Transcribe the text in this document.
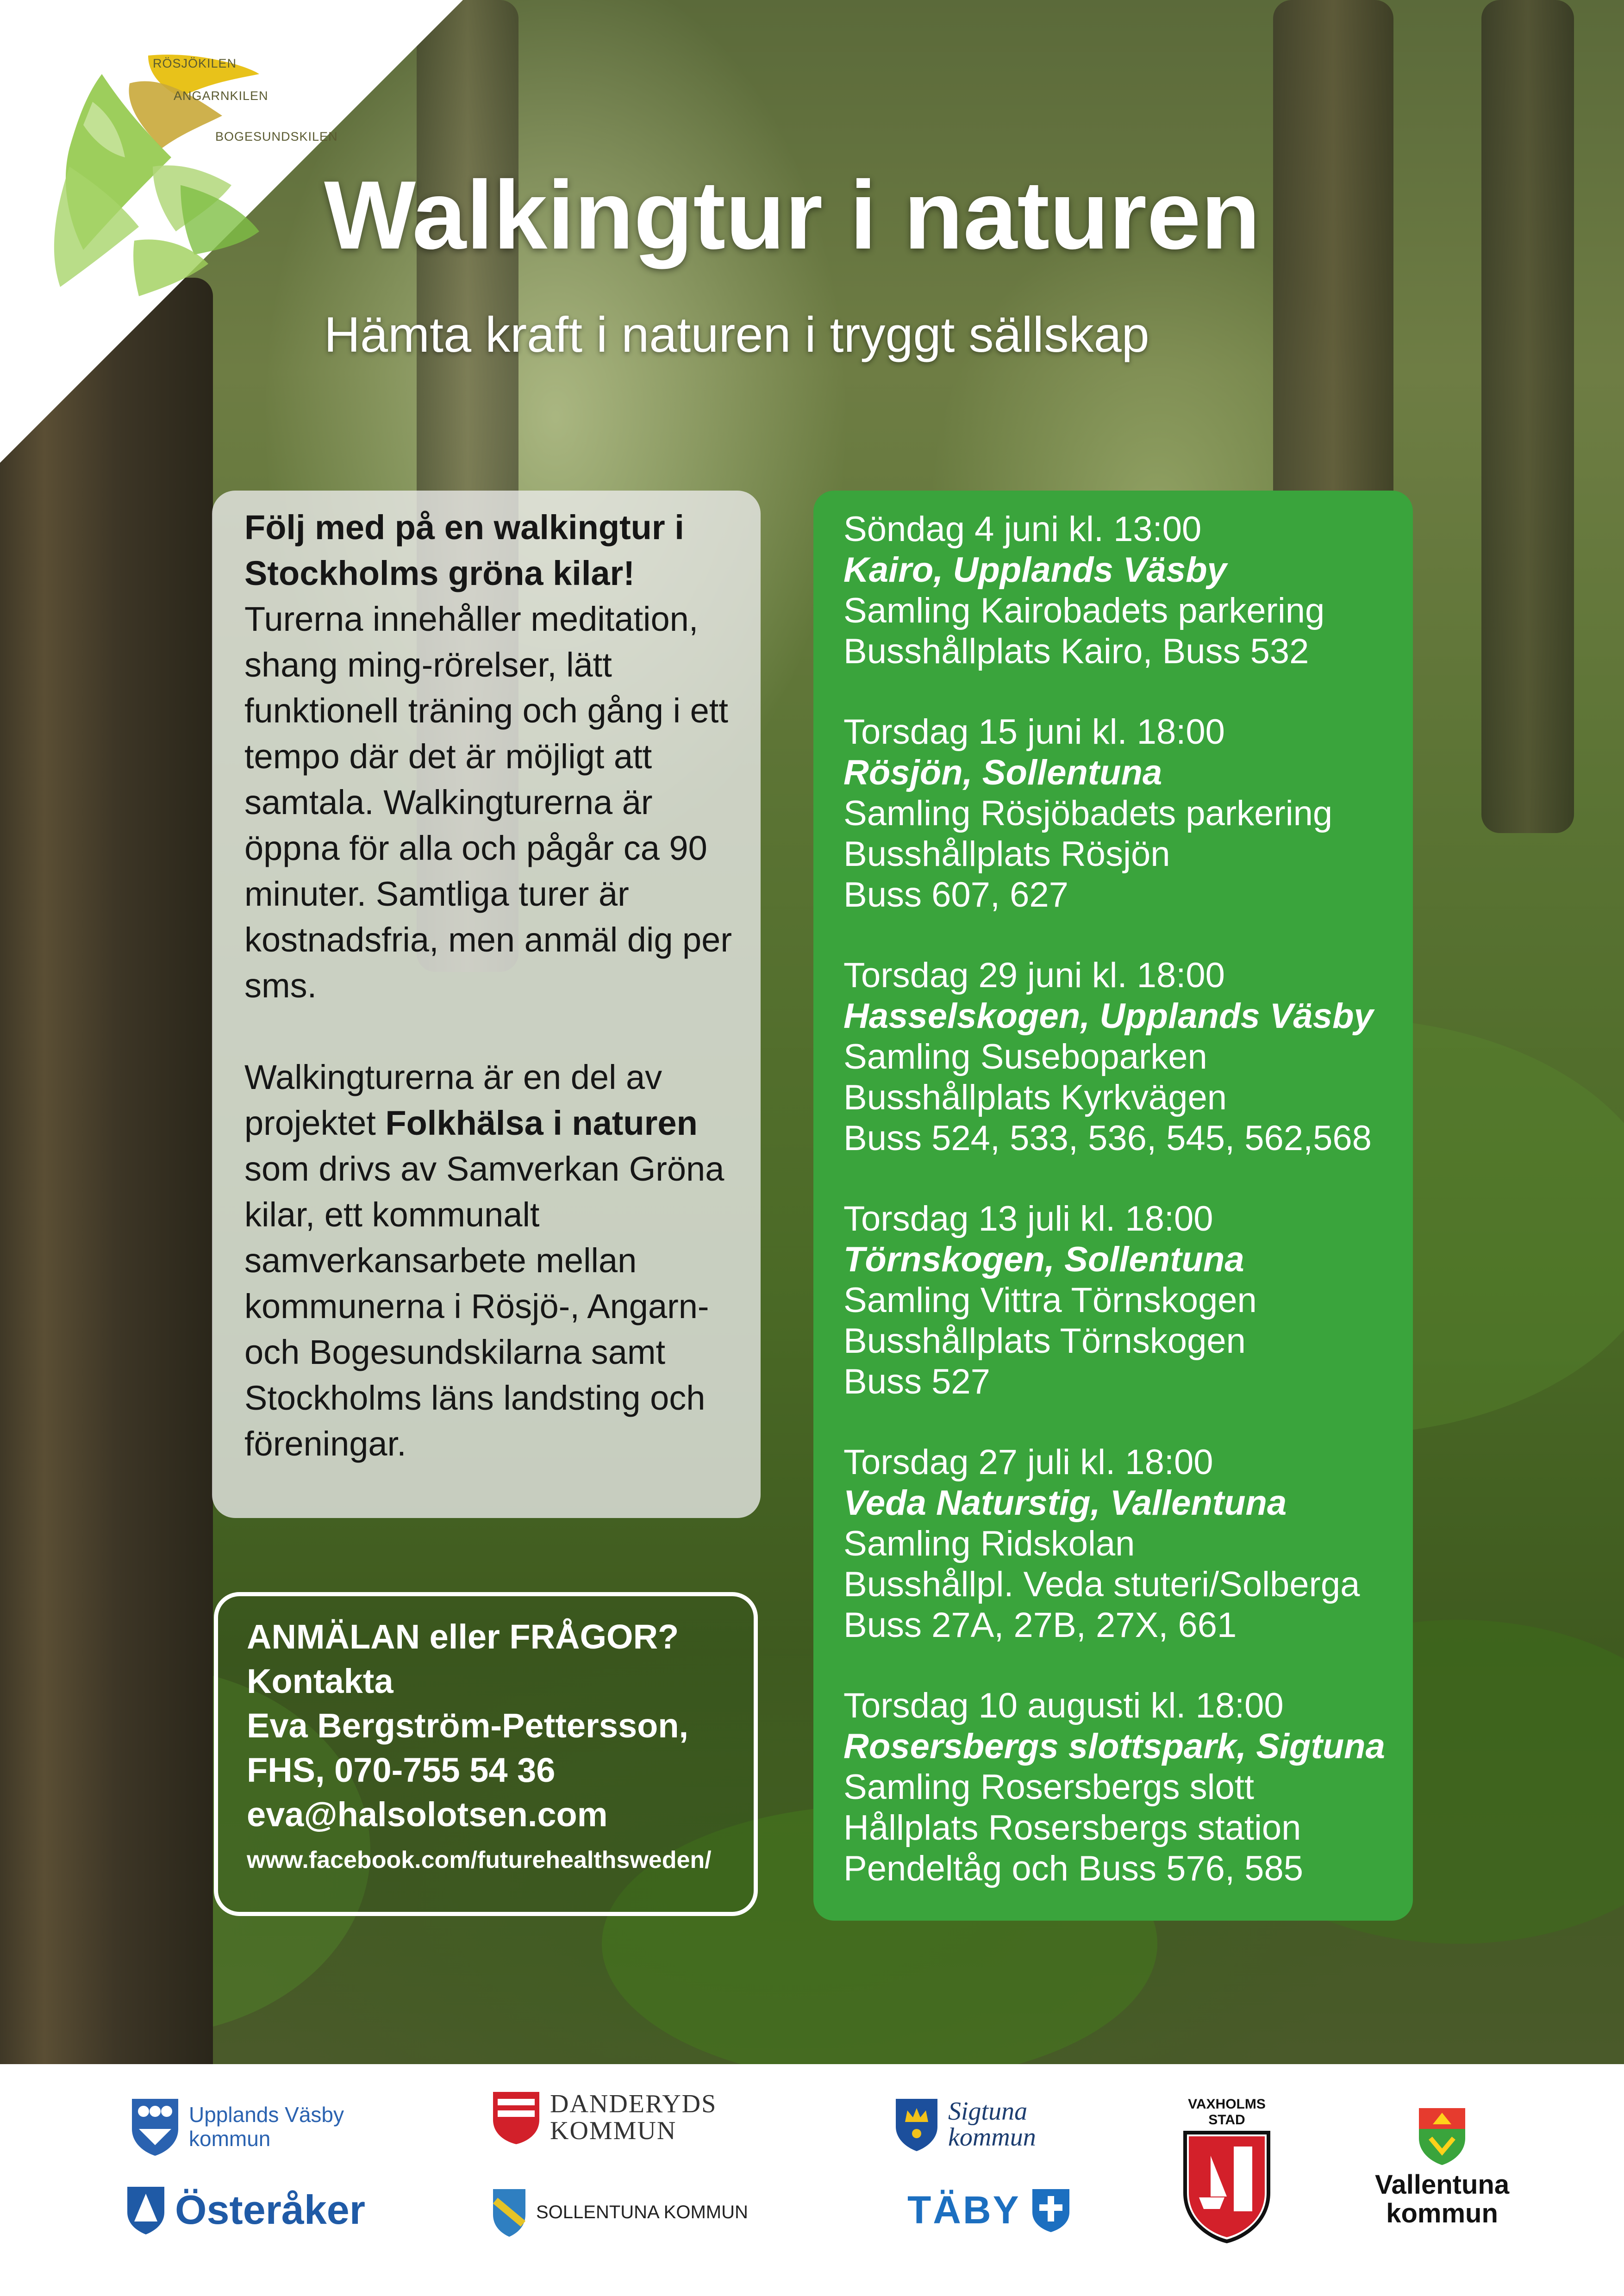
RÖSJÖKILEN
ANGARNKILEN
BOGESUNDSKILEN
Walkingtur i naturen
Hämta kraft i naturen i tryggt sällskap

Följ med på en walkingtur i Stockholms gröna kilar! Turerna innehåller meditation, shang ming-rörelser, lätt funktionell träning och gång i ett tempo där det är möjligt att samtala. Walkingturerna är öppna för alla och pågår ca 90 minuter. Samtliga turer är kostnadsfria, men anmäl dig per sms.

Walkingturerna är en del av projektet Folkhälsa i naturen som drivs av Samverkan Gröna kilar, ett kommunalt samverkansarbete mellan kommunerna i Rösjö-, Angarn- och Bogesundskilarna samt Stockholms läns landsting och föreningar.

ANMÄLAN eller FRÅGOR?
Kontakta
Eva Bergström-Pettersson,
FHS, 070-755 54 36
eva@halsolotsen.com
www.facebook.com/futurehealthsweden/
Söndag 4 juni kl. 13:00
Kairo, Upplands Väsby
Samling Kairobadets parkering
Busshållplats Kairo, Buss 532
Torsdag 15 juni kl. 18:00
Rösjön, Sollentuna
Samling Rösjöbadets parkering
Busshållplats Rösjön
Buss 607, 627
Torsdag 29 juni kl. 18:00
Hasselskogen, Upplands Väsby
Samling Suseboparken
Busshållplats Kyrkvägen
Buss 524, 533, 536, 545, 562,568
Torsdag 13 juli kl. 18:00
Törnskogen, Sollentuna
Samling Vittra Törnskogen
Busshållplats Törnskogen
Buss 527
Torsdag 27 juli kl. 18:00
Veda Naturstig, Vallentuna
Samling Ridskolan
Busshållpl. Veda stuteri/Solberga
Buss 27A, 27B, 27X, 661
Torsdag 10 augusti kl. 18:00
Rosersbergs slottspark, Sigtuna
Samling Rosersbergs slott
Hållplats Rosersbergs station
Pendeltåg och Buss 576, 585
Upplands Väsby
kommun
Österåker
DANDERYDS
KOMMUN
SOLLENTUNA KOMMUN
Sigtuna
kommun
TÄBY
VAXHOLMS
STAD
Vallentuna
kommun
